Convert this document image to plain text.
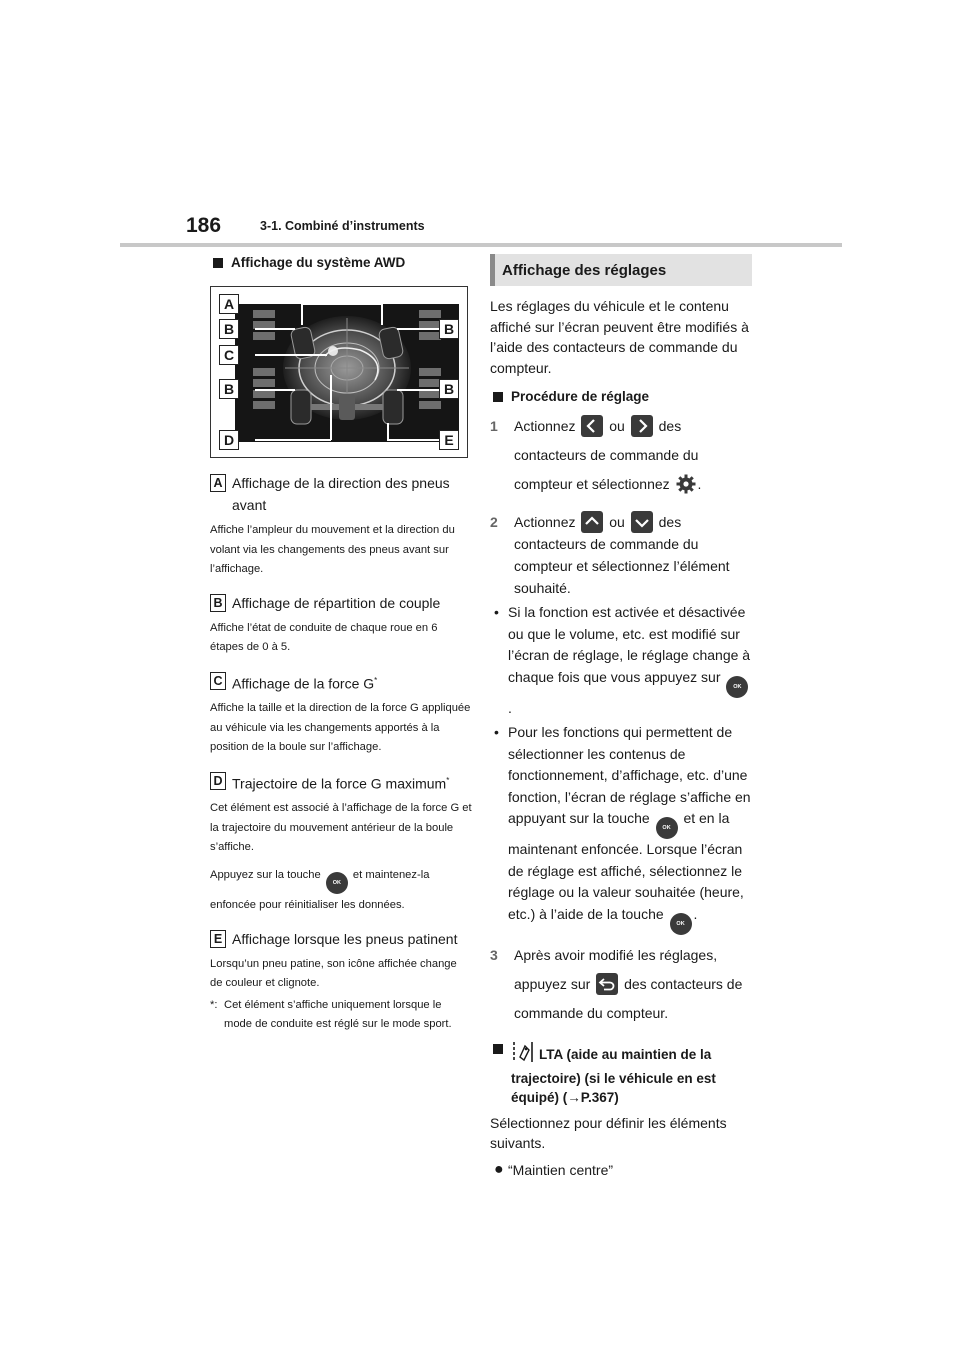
186	3-1. Combiné d’instruments
Affichage du système AWD
A
B	B
C
B	B
D	E
A Affichage de la direction des pneus avant
Affiche l’ampleur du mouvement et la direction du volant via les changements des pneus avant sur l’affichage.
B Affichage de répartition de couple
Affiche l’état de conduite de chaque roue en 6 étapes de 0 à 5.
C Affichage de la force G*
Affiche la taille et la direction de la force G appliquée au véhicule via les changements apportés à la position de la boule sur l’affichage.
D Trajectoire de la force G maximum*
Cet élément est associé à l’affichage de la force G et la trajectoire du mouvement antérieur de la boule s’affiche.
Appuyez sur la touche OK et maintenez-la enfoncée pour réinitialiser les données.
E Affichage lorsque les pneus patinent
Lorsqu’un pneu patine, son icône affichée change de couleur et clignote.
*: Cet élément s’affiche uniquement lorsque le mode de conduite est réglé sur le mode sport.
Affichage des réglages
Les réglages du véhicule et le contenu affiché sur l’écran peuvent être modifiés à l’aide des contacteurs de commande du compteur.
Procédure de réglage
1	Actionnez ou des contacteurs de commande du compteur et sélectionnez .
2	Actionnez ou des contacteurs de commande du compteur et sélectionnez l’élément souhaité.
• Si la fonction est activée et désactivée ou que le volume, etc. est modifié sur l’écran de réglage, le réglage change à chaque fois que vous appuyez sur OK.
• Pour les fonctions qui permettent de sélectionner les contenus de fonctionnement, d’affichage, etc. d’une fonction, l’écran de réglage s’affiche en appuyant sur la touche OK et en la maintenant enfoncée. Lorsque l’écran de réglage est affiché, sélectionnez le réglage ou la valeur souhaitée (heure, etc.) à l’aide de la touche OK.
3	Après avoir modifié les réglages, appuyez sur des contacteurs de commande du compteur.
LTA (aide au maintien de la trajectoire) (si le véhicule en est équipé) (→P.367)
Sélectionnez pour définir les éléments suivants.
● “Maintien centre”
